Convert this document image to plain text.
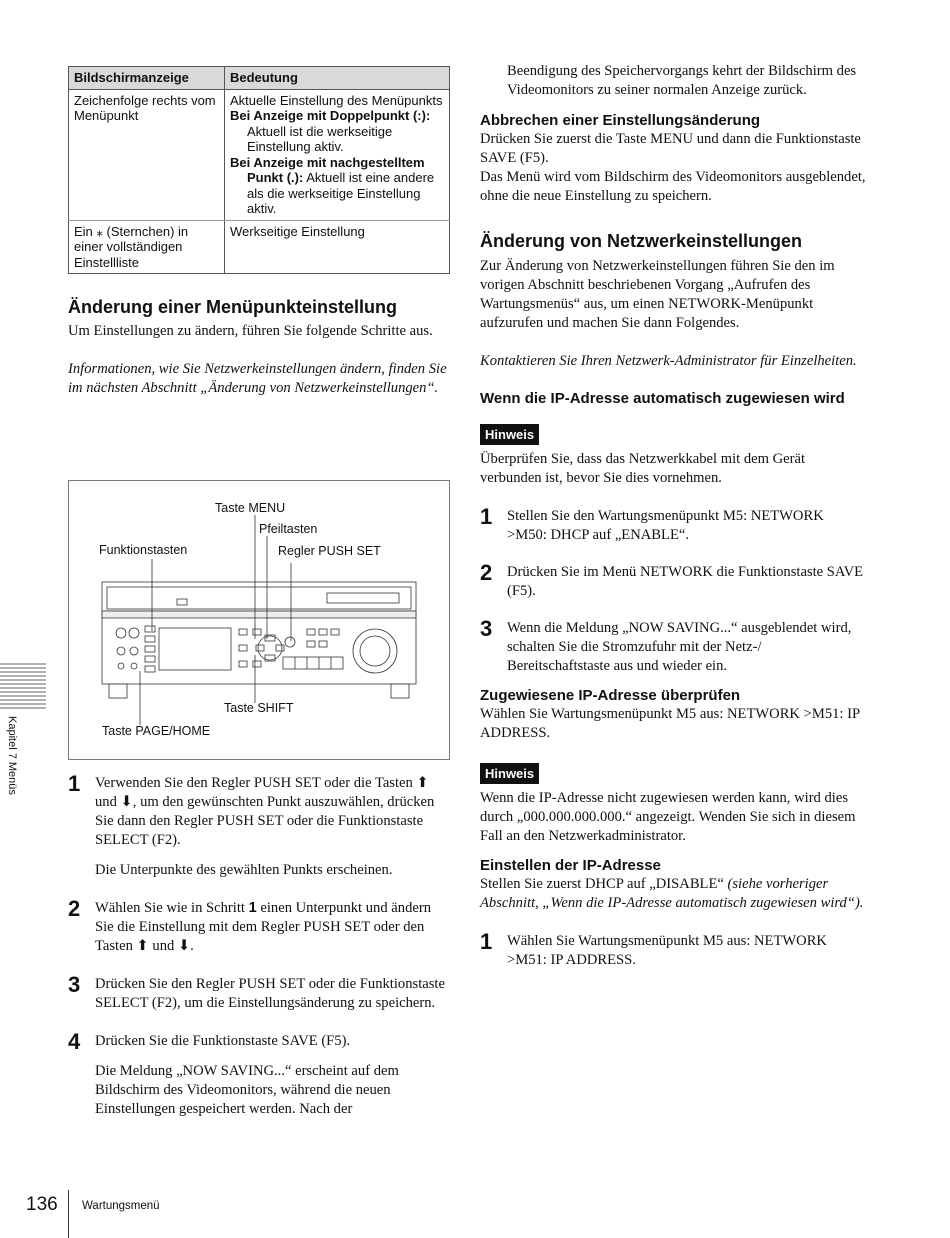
Bildschirmanzeige	Bedeutung
Zeichenfolge rechts vom Menüpunkt	Aktuelle Einstellung des Menüpunkts
Bei Anzeige mit Doppelpunkt (:): Aktuell ist die werkseitige Einstellung aktiv.
Bei Anzeige mit nachgestelltem Punkt (.): Aktuell ist eine andere als die werkseitige Einstellung aktiv.

Ein ⁎ (Sternchen) in einer vollständigen Einstellliste	Werkseitige Einstellung
Änderung einer Menüpunkteinstellung

Um Einstellungen zu ändern, führen Sie folgende Schritte aus.

Informationen, wie Sie Netzwerkeinstellungen ändern, finden Sie im nächsten Abschnitt „Änderung von Netzwerkeinstellungen“.

Taste MENU
Pfeiltasten
Funktionstasten	Regler PUSH SET
Taste SHIFT
Taste PAGE/HOME
1 Verwenden Sie den Regler PUSH SET oder die Tasten ⬆ und ⬇, um den gewünschten Punkt auszuwählen, drücken Sie dann den Regler PUSH SET oder die Funktionstaste SELECT (F2).

Die Unterpunkte des gewählten Punkts erscheinen.

2 Wählen Sie wie in Schritt 1 einen Unterpunkt und ändern Sie die Einstellung mit dem Regler PUSH SET oder den Tasten ⬆ und ⬇.

3 Drücken Sie den Regler PUSH SET oder die Funktionstaste SELECT (F2), um die Einstellungsänderung zu speichern.

4 Drücken Sie die Funktionstaste SAVE (F5).

Die Meldung „NOW SAVING...“ erscheint auf dem Bildschirm des Videomonitors, während die neuen Einstellungen gespeichert werden. Nach der

Beendigung des Speichervorgangs kehrt der Bildschirm des Videomonitors zu seiner normalen Anzeige zurück.

Abbrechen einer Einstellungsänderung

Drücken Sie zuerst die Taste MENU und dann die Funktionstaste SAVE (F5).

Das Menü wird vom Bildschirm des Videomonitors ausgeblendet, ohne die neue Einstellung zu speichern.

Änderung von Netzwerkeinstellungen

Zur Änderung von Netzwerkeinstellungen führen Sie den im vorigen Abschnitt beschriebenen Vorgang „Aufrufen des Wartungsmenüs“ aus, um einen NETWORK-Menüpunkt aufzurufen und machen Sie dann Folgendes.

Kontaktieren Sie Ihren Netzwerk-Administrator für Einzelheiten.

Wenn die IP-Adresse automatisch zugewiesen wird
Hinweis

Überprüfen Sie, dass das Netzwerkkabel mit dem Gerät verbunden ist, bevor Sie dies vornehmen.

1 Stellen Sie den Wartungsmenüpunkt M5: NETWORK >M50: DHCP auf „ENABLE“.

2 Drücken Sie im Menü NETWORK die Funktionstaste SAVE (F5).

3 Wenn die Meldung „NOW SAVING...“ ausgeblendet wird, schalten Sie die Stromzufuhr mit der Netz-/ Bereitschaftstaste aus und wieder ein.

Zugewiesene IP-Adresse überprüfen

Wählen Sie Wartungsmenüpunkt M5 aus: NETWORK >M51: IP ADDRESS.

Hinweis

Wenn die IP-Adresse nicht zugewiesen werden kann, wird dies durch „000.000.000.000.“ angezeigt. Wenden Sie sich in diesem Fall an den Netzwerkadministrator.

Einstellen der IP-Adresse

Stellen Sie zuerst DHCP auf „DISABLE“ (siehe vorheriger Abschnitt, „Wenn die IP-Adresse automatisch zugewiesen wird“).

1 Wählen Sie Wartungsmenüpunkt M5 aus: NETWORK >M51: IP ADDRESS.

Kapitel 7 Menüs
136 Wartungsmenü
